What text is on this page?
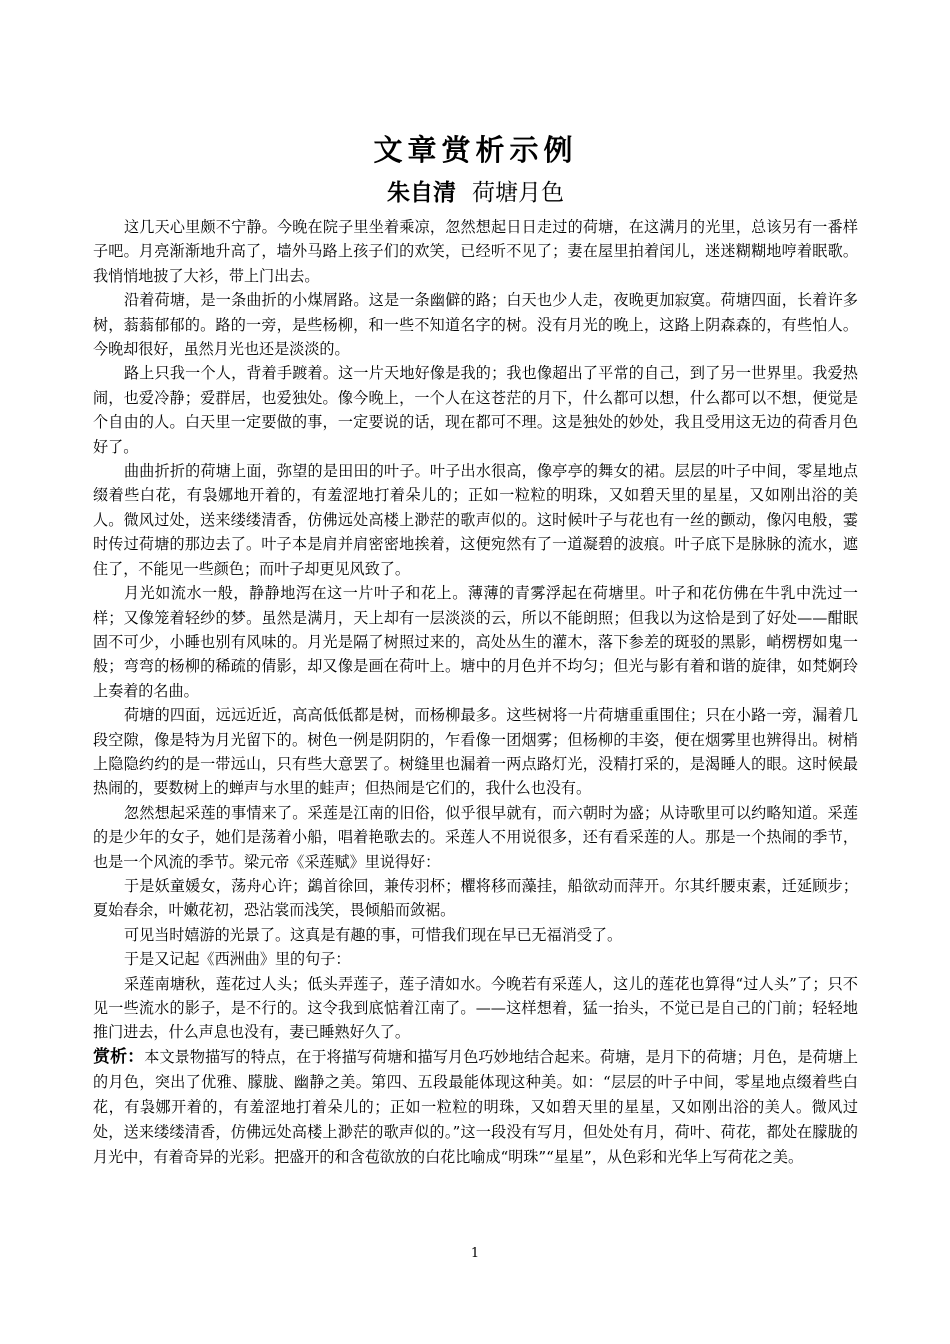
文章赏析示例
朱自清 荷塘月色

这几天心里颇不宁静。今晚在院子里坐着乘凉，忽然想起日日走过的荷塘，在这满月的光里，总该另有一番样子吧。月亮渐渐地升高了，墙外马路上孩子们的欢笑，已经听不见了；妻在屋里拍着闰儿，迷迷糊糊地哼着眠歌。我悄悄地披了大衫，带上门出去。

沿着荷塘，是一条曲折的小煤屑路。这是一条幽僻的路；白天也少人走，夜晚更加寂寞。荷塘四面，长着许多树，蓊蓊郁郁的。路的一旁，是些杨柳，和一些不知道名字的树。没有月光的晚上，这路上阴森森的，有些怕人。今晚却很好，虽然月光也还是淡淡的。

路上只我一个人，背着手踱着。这一片天地好像是我的；我也像超出了平常的自己，到了另一世界里。我爱热闹，也爱冷静；爱群居，也爱独处。像今晚上，一个人在这苍茫的月下，什么都可以想，什么都可以不想，便觉是个自由的人。白天里一定要做的事，一定要说的话，现在都可不理。这是独处的妙处，我且受用这无边的荷香月色好了。

曲曲折折的荷塘上面，弥望的是田田的叶子。叶子出水很高，像亭亭的舞女的裙。层层的叶子中间，零星地点缀着些白花，有袅娜地开着的，有羞涩地打着朵儿的；正如一粒粒的明珠，又如碧天里的星星，又如刚出浴的美人。微风过处，送来缕缕清香，仿佛远处高楼上渺茫的歌声似的。这时候叶子与花也有一丝的颤动，像闪电般，霎时传过荷塘的那边去了。叶子本是肩并肩密密地挨着，这便宛然有了一道凝碧的波痕。叶子底下是脉脉的流水，遮住了，不能见一些颜色；而叶子却更见风致了。

月光如流水一般，静静地泻在这一片叶子和花上。薄薄的青雾浮起在荷塘里。叶子和花仿佛在牛乳中洗过一样；又像笼着轻纱的梦。虽然是满月，天上却有一层淡淡的云，所以不能朗照；但我以为这恰是到了好处——酣眠固不可少，小睡也别有风味的。月光是隔了树照过来的，高处丛生的灌木，落下参差的斑驳的黑影，峭楞楞如鬼一般；弯弯的杨柳的稀疏的倩影，却又像是画在荷叶上。塘中的月色并不均匀；但光与影有着和谐的旋律，如梵婀玲上奏着的名曲。

荷塘的四面，远远近近，高高低低都是树，而杨柳最多。这些树将一片荷塘重重围住；只在小路一旁，漏着几段空隙，像是特为月光留下的。树色一例是阴阴的，乍看像一团烟雾；但杨柳的丰姿，便在烟雾里也辨得出。树梢上隐隐约约的是一带远山，只有些大意罢了。树缝里也漏着一两点路灯光，没精打采的，是渴睡人的眼。这时候最热闹的，要数树上的蝉声与水里的蛙声；但热闹是它们的，我什么也没有。

忽然想起采莲的事情来了。采莲是江南的旧俗，似乎很早就有，而六朝时为盛；从诗歌里可以约略知道。采莲的是少年的女子，她们是荡着小船，唱着艳歌去的。采莲人不用说很多，还有看采莲的人。那是一个热闹的季节，也是一个风流的季节。梁元帝《采莲赋》里说得好：

于是妖童媛女，荡舟心许；鷁首徐回，兼传羽杯；欋将移而藻挂，船欲动而萍开。尔其纤腰束素，迁延顾步；夏始春余，叶嫩花初，恐沾裳而浅笑，畏倾船而敛裾。

可见当时嬉游的光景了。这真是有趣的事，可惜我们现在早已无福消受了。

于是又记起《西洲曲》里的句子：

采莲南塘秋，莲花过人头；低头弄莲子，莲子清如水。今晚若有采莲人，这儿的莲花也算得“过人头”了；只不见一些流水的影子，是不行的。这令我到底惦着江南了。——这样想着，猛一抬头，不觉已是自己的门前；轻轻地推门进去，什么声息也没有，妻已睡熟好久了。

赏析：本文景物描写的特点，在于将描写荷塘和描写月色巧妙地结合起来。荷塘，是月下的荷塘；月色，是荷塘上的月色，突出了优雅、朦胧、幽静之美。第四、五段最能体现这种美。如：“层层的叶子中间，零星地点缀着些白花，有袅娜开着的，有羞涩地打着朵儿的；正如一粒粒的明珠，又如碧天里的星星，又如刚出浴的美人。微风过处，送来缕缕清香，仿佛远处高楼上渺茫的歌声似的。”这一段没有写月，但处处有月，荷叶、荷花，都处在朦胧的月光中，有着奇异的光彩。把盛开的和含苞欲放的白花比喻成“明珠”“星星”，从色彩和光华上写荷花之美。

1
